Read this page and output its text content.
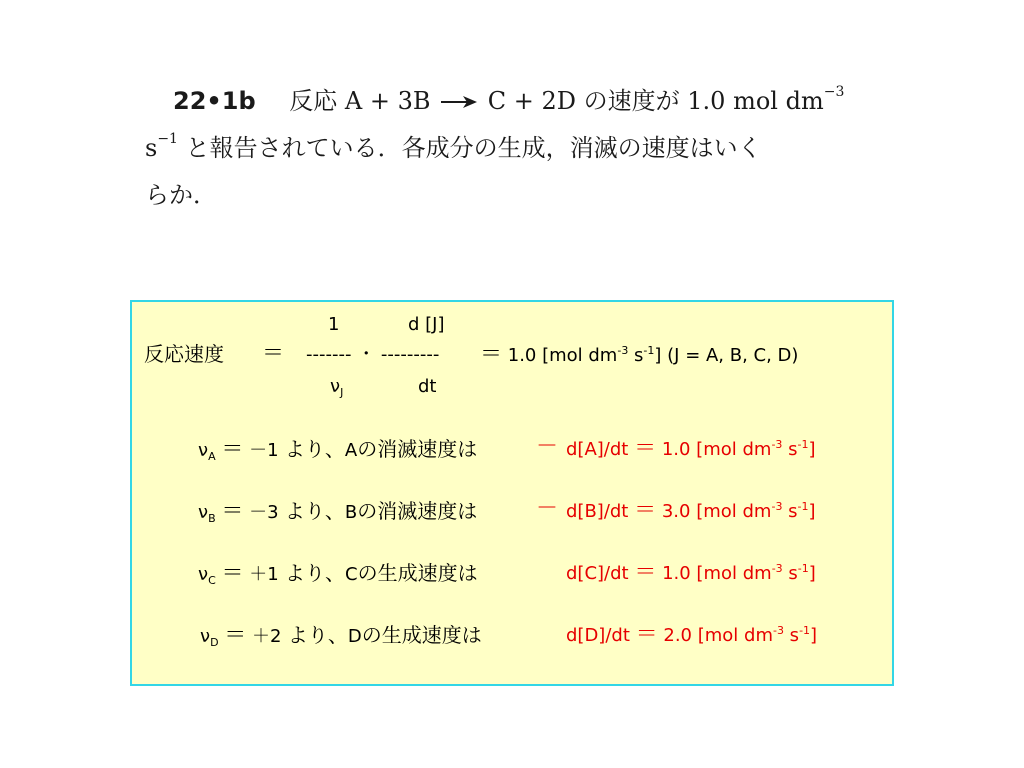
22•1b 反応 A + 3B → C + 2D の速度が 1.0 mol $dm^{-3}$
$s^{-1}$ と報告されている．各成分の生成，消滅の速度はいく
らか．
1	d [J]
反応速度 ＝ ------- ・ --------- ＝ 1.0 [mol $dm^{-3}$ $s^{-1}$] (J = A, B, C, D)
$\nu_J$	dt
$\nu_A = -1$ より、Aの消滅速度は	－ d[A]/dt ＝ 1.0 [mol $dm^{-3}$ $s^{-1}$]
$\nu_B = -3$ より、Bの消滅速度は	－ d[B]/dt ＝ 3.0 [mol $dm^{-3}$ $s^{-1}$]
$\nu_C = +1$ より、Cの生成速度は	d[C]/dt ＝ 1.0 [mol $dm^{-3}$ $s^{-1}$]
$\nu_D = +2$ より、Dの生成速度は	d[D]/dt ＝ 2.0 [mol $dm^{-3}$ $s^{-1}$]
